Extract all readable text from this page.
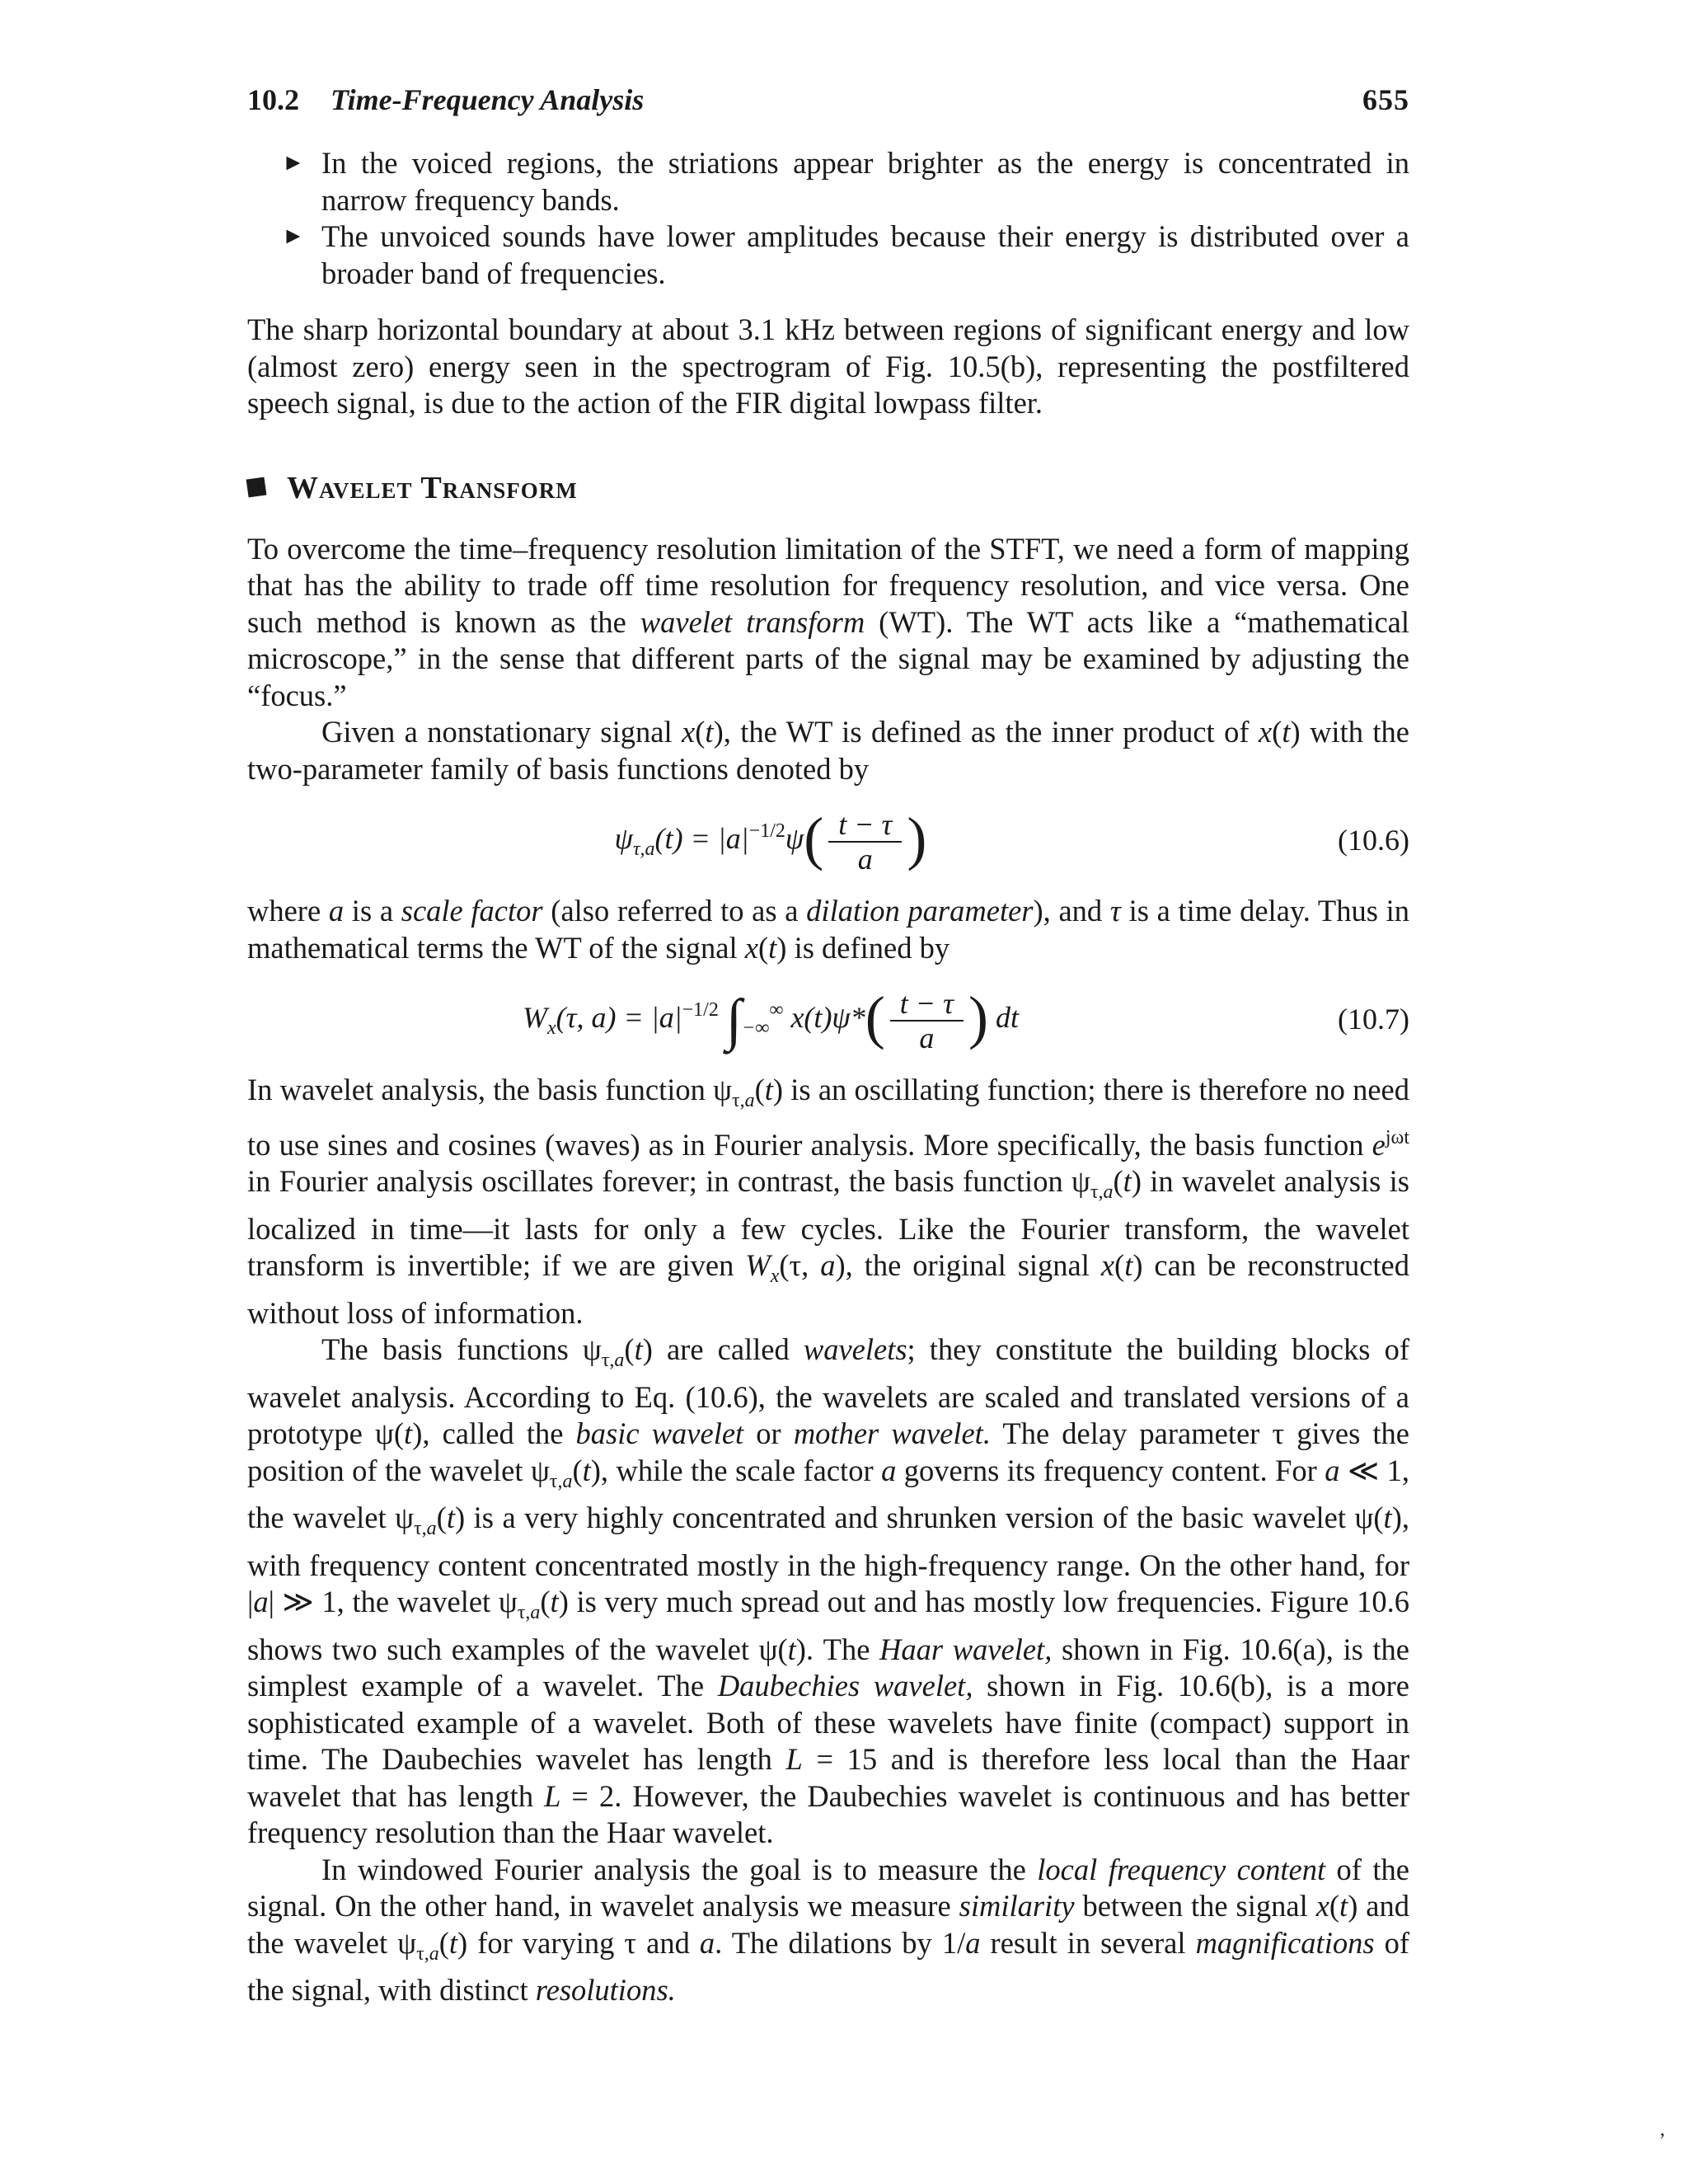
10.2 Time-Frequency Analysis	655
► In the voiced regions, the striations appear brighter as the energy is concentrated in narrow frequency bands.
► The unvoiced sounds have lower amplitudes because their energy is distributed over a broader band of frequencies.

The sharp horizontal boundary at about 3.1 kHz between regions of significant energy and low (almost zero) energy seen in the spectrogram of Fig. 10.5(b), representing the postfiltered speech signal, is due to the action of the FIR digital lowpass filter.

Wavelet Transform

To overcome the time–frequency resolution limitation of the STFT, we need a form of mapping that has the ability to trade off time resolution for frequency resolution, and vice versa. One such method is known as the wavelet transform (WT). The WT acts like a “mathematical microscope,” in the sense that different parts of the signal may be examined by adjusting the “focus.”

Given a nonstationary signal x(t), the WT is defined as the inner product of x(t) with the two-parameter family of basis functions denoted by

$\psi_{\tau,a}(t) = |a|^{-1/2}\psi( \frac{t - \tau}{a}$ )	(10.6)

where a is a scale factor (also referred to as a dilation parameter), and τ is a time delay. Thus in mathematical terms the WT of the signal x(t) is defined by

$W_x(\tau$, $a) = |a|^{-1/2}$ $\int_{-\infty}^\infty$ $x(t)\psi*( \frac{t - \tau}{a}$ ) dt	(10.7)

In wavelet analysis, the basis function $\psi_{\tau,a}(t)$ is an oscillating function; there is therefore no need to use sines and cosines (waves) as in Fourier analysis. More specifically, the basis function $e^{j\omega t}$ in Fourier analysis oscillates forever; in contrast, the basis function $\psi_{\tau,a}(t)$ in wavelet analysis is localized in time—it lasts for only a few cycles. Like the Fourier transform, the wavelet transform is invertible; if we are given $W_x(\tau$, a), the original signal x(t) can be reconstructed without loss of information.

The basis functions $\psi_{\tau,a}(t)$ are called wavelets; they constitute the building blocks of wavelet analysis. According to Eq. (10.6), the wavelets are scaled and translated versions of a prototype ψ(t), called the basic wavelet or mother wavelet. The delay parameter τ gives the position of the wavelet $\psi_{\tau,a}(t)$, while the scale factor a governs its frequency content. For a ≪ 1, the wavelet $\psi_{\tau,a}(t)$ is a very highly concentrated and shrunken version of the basic wavelet ψ(t), with frequency content concentrated mostly in the high-frequency range. On the other hand, for |a| ≫ 1, the wavelet $\psi_{\tau,a}(t)$ is very much spread out and has mostly low frequencies. Figure 10.6 shows two such examples of the wavelet ψ(t). The Haar wavelet, shown in Fig. 10.6(a), is the simplest example of a wavelet. The Daubechies wavelet, shown in Fig. 10.6(b), is a more sophisticated example of a wavelet. Both of these wavelets have finite (compact) support in time. The Daubechies wavelet has length L = 15 and is therefore less local than the Haar wavelet that has length L = 2. However, the Daubechies wavelet is continuous and has better frequency resolution than the Haar wavelet.

In windowed Fourier analysis the goal is to measure the local frequency content of the signal. On the other hand, in wavelet analysis we measure similarity between the signal x(t) and the wavelet $\psi_{\tau,a}(t)$ for varying τ and a. The dilations by 1/a result in several magnifications of the signal, with distinct resolutions.

,
